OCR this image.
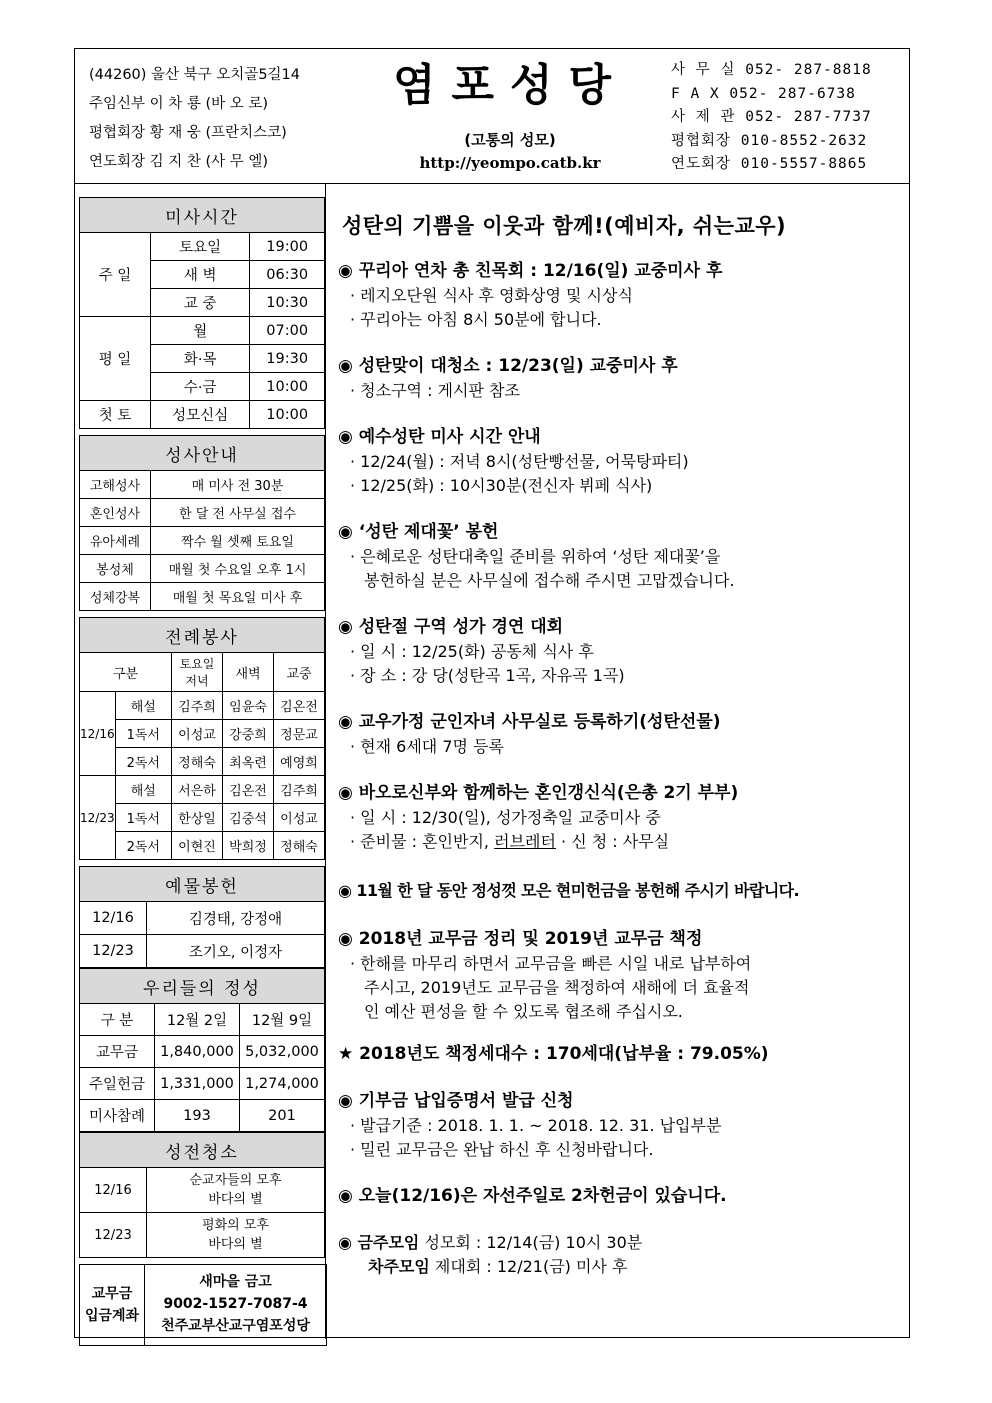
(44260) 울산 북구 오치골5길14
주임신부 이 차 룡 (바 오 로)
평협회장 황 재 웅 (프란치스코)
연도회장 김 지 찬 (사 무 엘)
염포성당
(고통의 성모)
http://yeompo.catb.kr
사 무 실 052- 287-8818
F A X 052- 287-6738
사 제 관 052- 287-7737
평협회장 010-8552-2632
연도회장 010-5557-8865
미사시간		
주 일	토요일	19:00
	새 벽	06:30
	교 중	10:30
평 일	월	07:00
	화·목	19:30
	수·금	10:00
첫 토	성모신심	10:00
성사안내	
고해성사	매 미사 전 30분
혼인성사	한 달 전 사무실 접수
유아세례	짝수 월 셋째 토요일
봉성체	매월 첫 수요일 오후 1시
성체강복	매월 첫 목요일 미사 후
전례봉사				
구분		토요일 저녁	새벽	교중
12/16	해설	김주희	임윤숙	김온전
	1독서	이성교	강중희	정문교
	2독서	정해숙	최옥련	예영희
12/23	해설	서은하	김온전	김주희
	1독서	한상일	김중석	이성교
	2독서	이현진	박희정	정해숙
예물봉헌	
12/16	김경태, 강정애
12/23	조기오, 이정자
우리들의 정성		
구 분	12월 2일	12월 9일
교무금	1,840,000	5,032,000
주일헌금	1,331,000	1,274,000
미사참례	193	201
성전청소	
12/16	순교자들의 모후
바다의 별

12/23	평화의 모후
바다의 별
교무금
입금계좌
새마을 금고
9002-1527-7087-4
천주교부산교구염포성당
성탄의 기쁨을 이웃과 함께!(예비자, 쉬는교우)
◉ 꾸리아 연차 총 친목회 : 12/16(일) 교중미사 후
· 레지오단원 식사 후 영화상영 및 시상식
· 꾸리아는 아침 8시 50분에 합니다.
◉ 성탄맞이 대청소 : 12/23(일) 교중미사 후
· 청소구역 : 게시판 참조
◉ 예수성탄 미사 시간 안내
· 12/24(월) : 저녁 8시(성탄빵선물, 어묵탕파티)
· 12/25(화) : 10시30분(전신자 뷔페 식사)
◉ ‘성탄 제대꽃’ 봉헌
· 은혜로운 성탄대축일 준비를 위하여 ‘성탄 제대꽃’을
봉헌하실 분은 사무실에 접수해 주시면 고맙겠습니다.
◉ 성탄절 구역 성가 경연 대회
· 일 시 : 12/25(화) 공동체 식사 후
· 장 소 : 강 당(성탄곡 1곡, 자유곡 1곡)
◉ 교우가정 군인자녀 사무실로 등록하기(성탄선물)
· 현재 6세대 7명 등록
◉ 바오로신부와 함께하는 혼인갱신식(은총 2기 부부)
· 일 시 : 12/30(일), 성가정축일 교중미사 중
· 준비물 : 혼인반지, 러브레터 · 신 청 : 사무실
◉ 11월 한 달 동안 정성껏 모은 현미헌금을 봉헌해 주시기 바랍니다.
◉ 2018년 교무금 정리 및 2019년 교무금 책정
· 한해를 마무리 하면서 교무금을 빠른 시일 내로 납부하여
주시고, 2019년도 교무금을 책정하여 새해에 더 효율적
인 예산 편성을 할 수 있도록 협조해 주십시오.
★ 2018년도 책정세대수 : 170세대(납부율 : 79.05%)
◉ 기부금 납입증명서 발급 신청
· 발급기준 : 2018. 1. 1. ~ 2018. 12. 31. 납입부분
· 밀린 교무금은 완납 하신 후 신청바랍니다.
◉ 오늘(12/16)은 자선주일로 2차헌금이 있습니다.
◉ 금주모임 성모회 : 12/14(금) 10시 30분
차주모임 제대회 : 12/21(금) 미사 후
